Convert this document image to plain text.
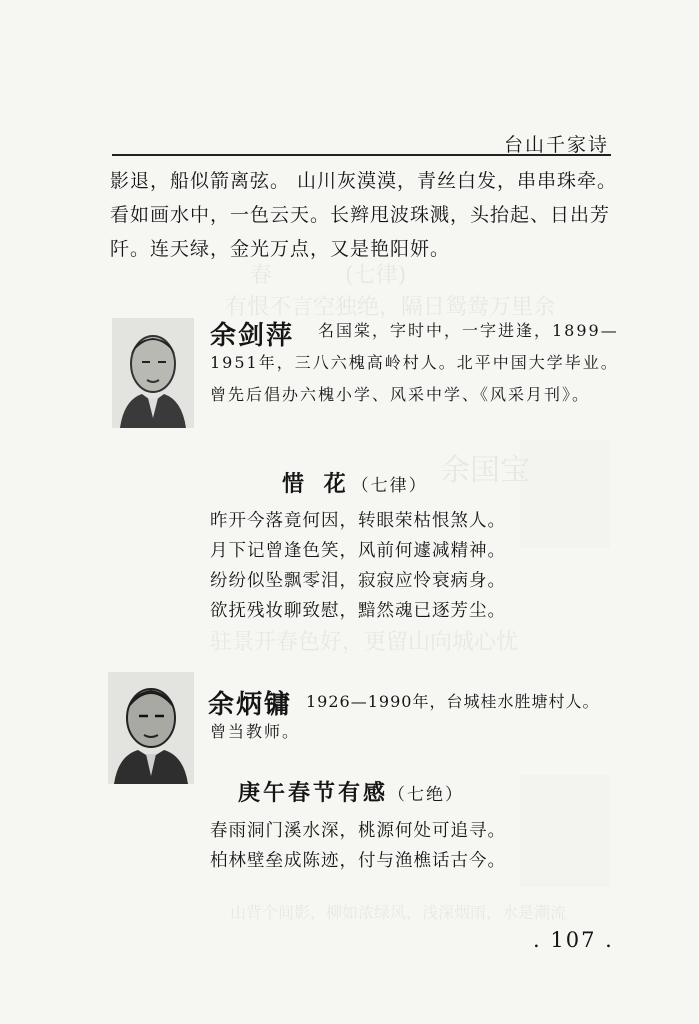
春　　　 (七律)
有恨不言空独绝，隔日鸳鸯万里余
余国宝
驻景开春色好，更留山向城心忧
山背个间影，柳如浓绿风，浅深烟雨，水是潮流
台山千家诗
影退，船似箭离弦。 山川灰漠漠，青丝白发，串串珠牵。看如画水中，一色云天。长辫甩波珠溅，头抬起、日出芳阡。连天绿，金光万点，又是艳阳妍。
余剑萍	名国棠，字时中，一字进逢，1899—1951年，三八六槐高岭村人。北平中国大学毕业。曾先后倡办六槐小学、风采中学、《风采月刊》。
惜 花（七律）
昨开今落竟何因，转眼荣枯恨煞人。
月下记曾逢色笑，风前何遽减精神。
纷纷似坠飘零泪，寂寂应怜衰病身。
欲抚残妆聊致慰，黯然魂已逐芳尘。
余炳镛 1926—1990年，台城桂水胜塘村人。
曾当教师。
庚午春节有感（七绝）
春雨洞门溪水深，桃源何处可追寻。
柏林壁垒成陈迹，付与渔樵话古今。
. 107 .
